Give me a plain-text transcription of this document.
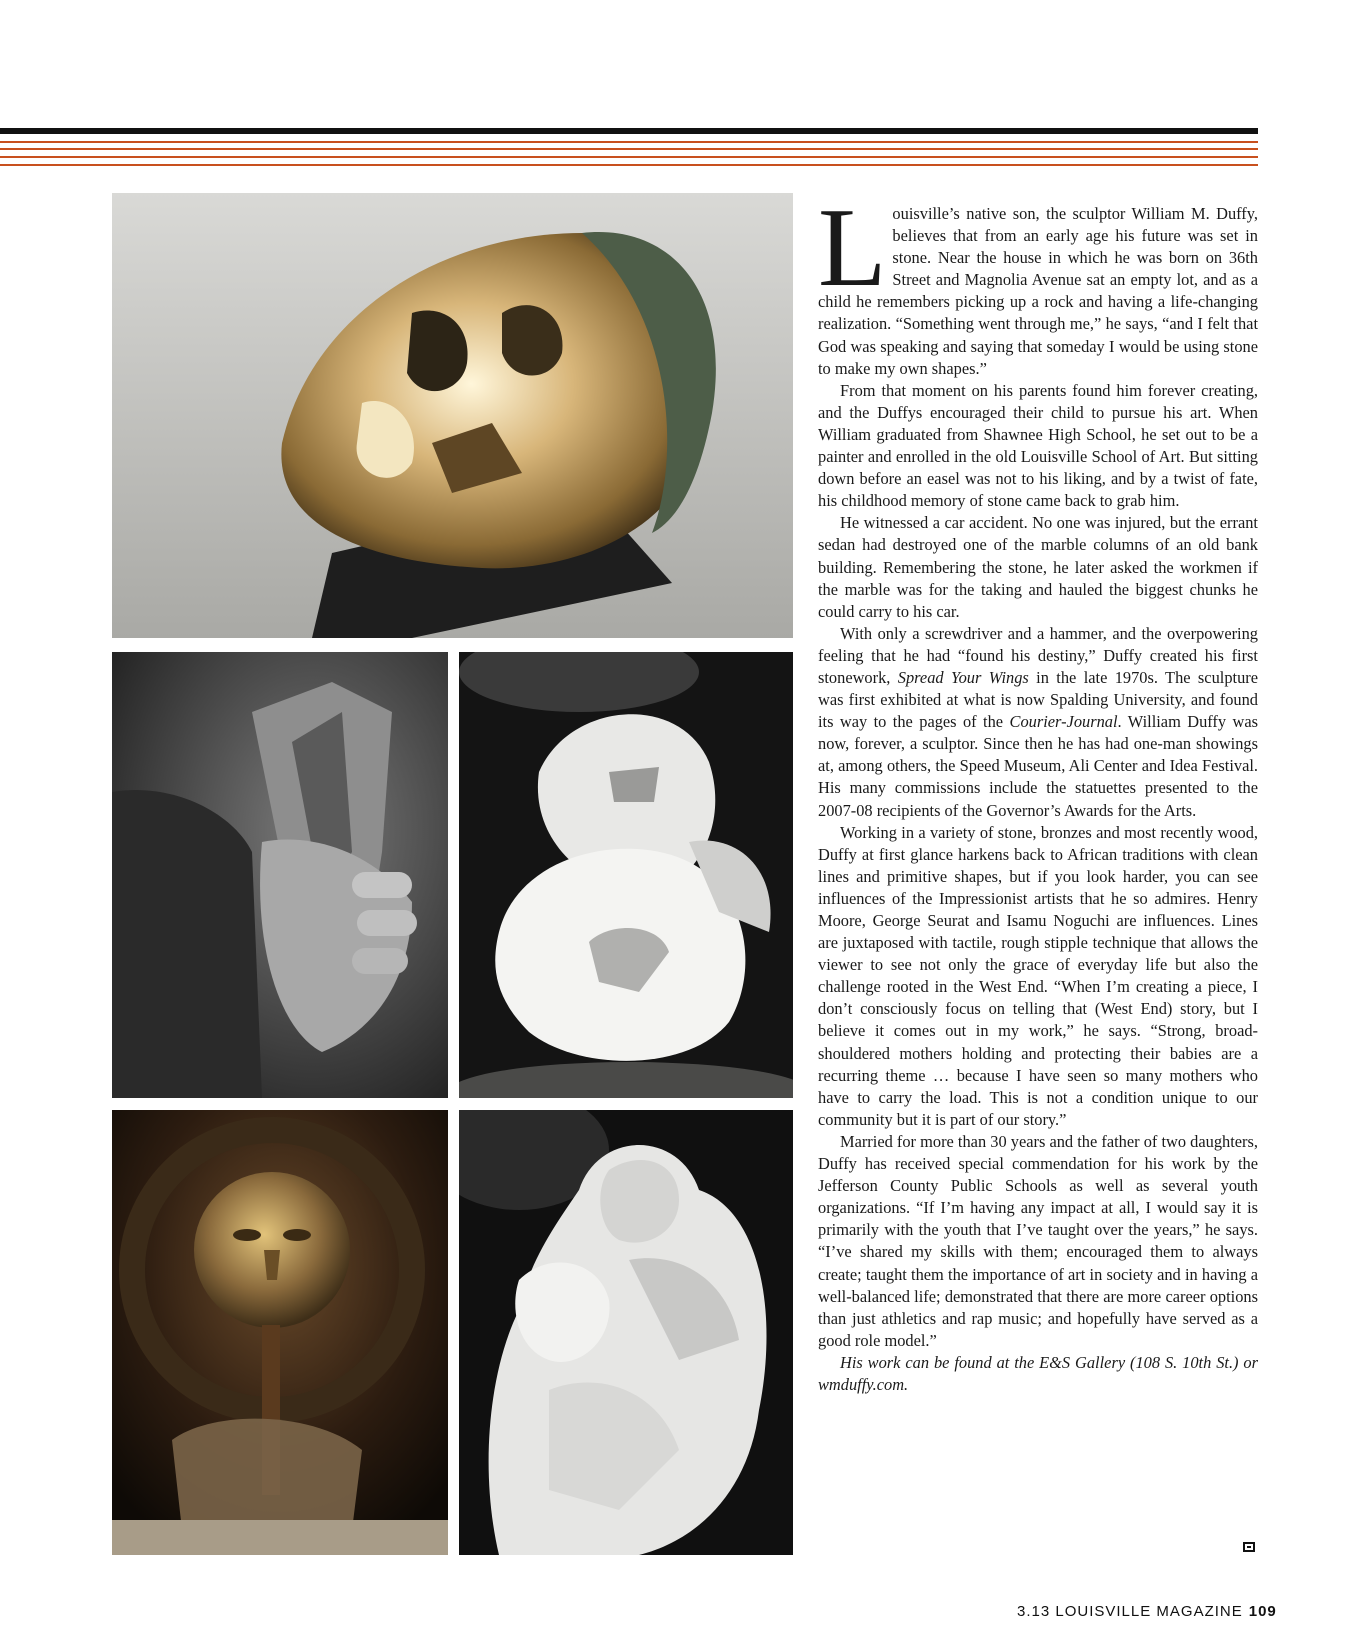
Louisville’s native son, the sculptor William M. Duffy, believes that from an early age his future was set in stone. Near the house in which he was born on 36th Street and Magnolia Avenue sat an empty lot, and as a child he remembers picking up a rock and having a life-changing realization. “Something went through me,” he says, “and I felt that God was speaking and saying that someday I would be using stone to make my own shapes.”

From that moment on his parents found him forever creating, and the Duffys encouraged their child to pursue his art. When William graduated from Shawnee High School, he set out to be a painter and enrolled in the old Louisville School of Art. But sitting down before an easel was not to his liking, and by a twist of fate, his childhood memory of stone came back to grab him.

He witnessed a car accident. No one was injured, but the errant sedan had destroyed one of the marble columns of an old bank building. Remembering the stone, he later asked the workmen if the marble was for the taking and hauled the biggest chunks he could carry to his car.

With only a screwdriver and a hammer, and the overpowering feeling that he had “found his destiny,” Duffy created his first stonework, Spread Your Wings in the late 1970s. The sculpture was first exhibited at what is now Spalding University, and found its way to the pages of the Courier-Journal. William Duffy was now, forever, a sculptor. Since then he has had one-man showings at, among others, the Speed Museum, Ali Center and Idea Festival. His many commissions include the statuettes presented to the 2007-08 recipients of the Governor’s Awards for the Arts.

Working in a variety of stone, bronzes and most recently wood, Duffy at first glance harkens back to African traditions with clean lines and primitive shapes, but if you look harder, you can see influences of the Impressionist artists that he so admires. Henry Moore, George Seurat and Isamu Noguchi are influences. Lines are juxtaposed with tactile, rough stipple technique that allows the viewer to see not only the grace of everyday life but also the challenge rooted in the West End. “When I’m creating a piece, I don’t consciously focus on telling that (West End) story, but I believe it comes out in my work,” he says. “Strong, broad-shouldered mothers holding and protecting their babies are a recurring theme … because I have seen so many mothers who have to carry the load. This is not a condition unique to our community but it is part of our story.”

Married for more than 30 years and the father of two daughters, Duffy has received special commendation for his work by the Jefferson County Public Schools as well as several youth organizations. “If I’m having any impact at all, I would say it is primarily with the youth that I’ve taught over the years,” he says. “I’ve shared my skills with them; encouraged them to always create; taught them the importance of art in society and in having a well-balanced life; demonstrated that there are more career options than just athletics and rap music; and hopefully have served as a good role model.”

His work can be found at the E&S Gallery (108 S. 10th St.) or wmduffy.com.

3.13 LOUISVILLE MAGAZINE 109
